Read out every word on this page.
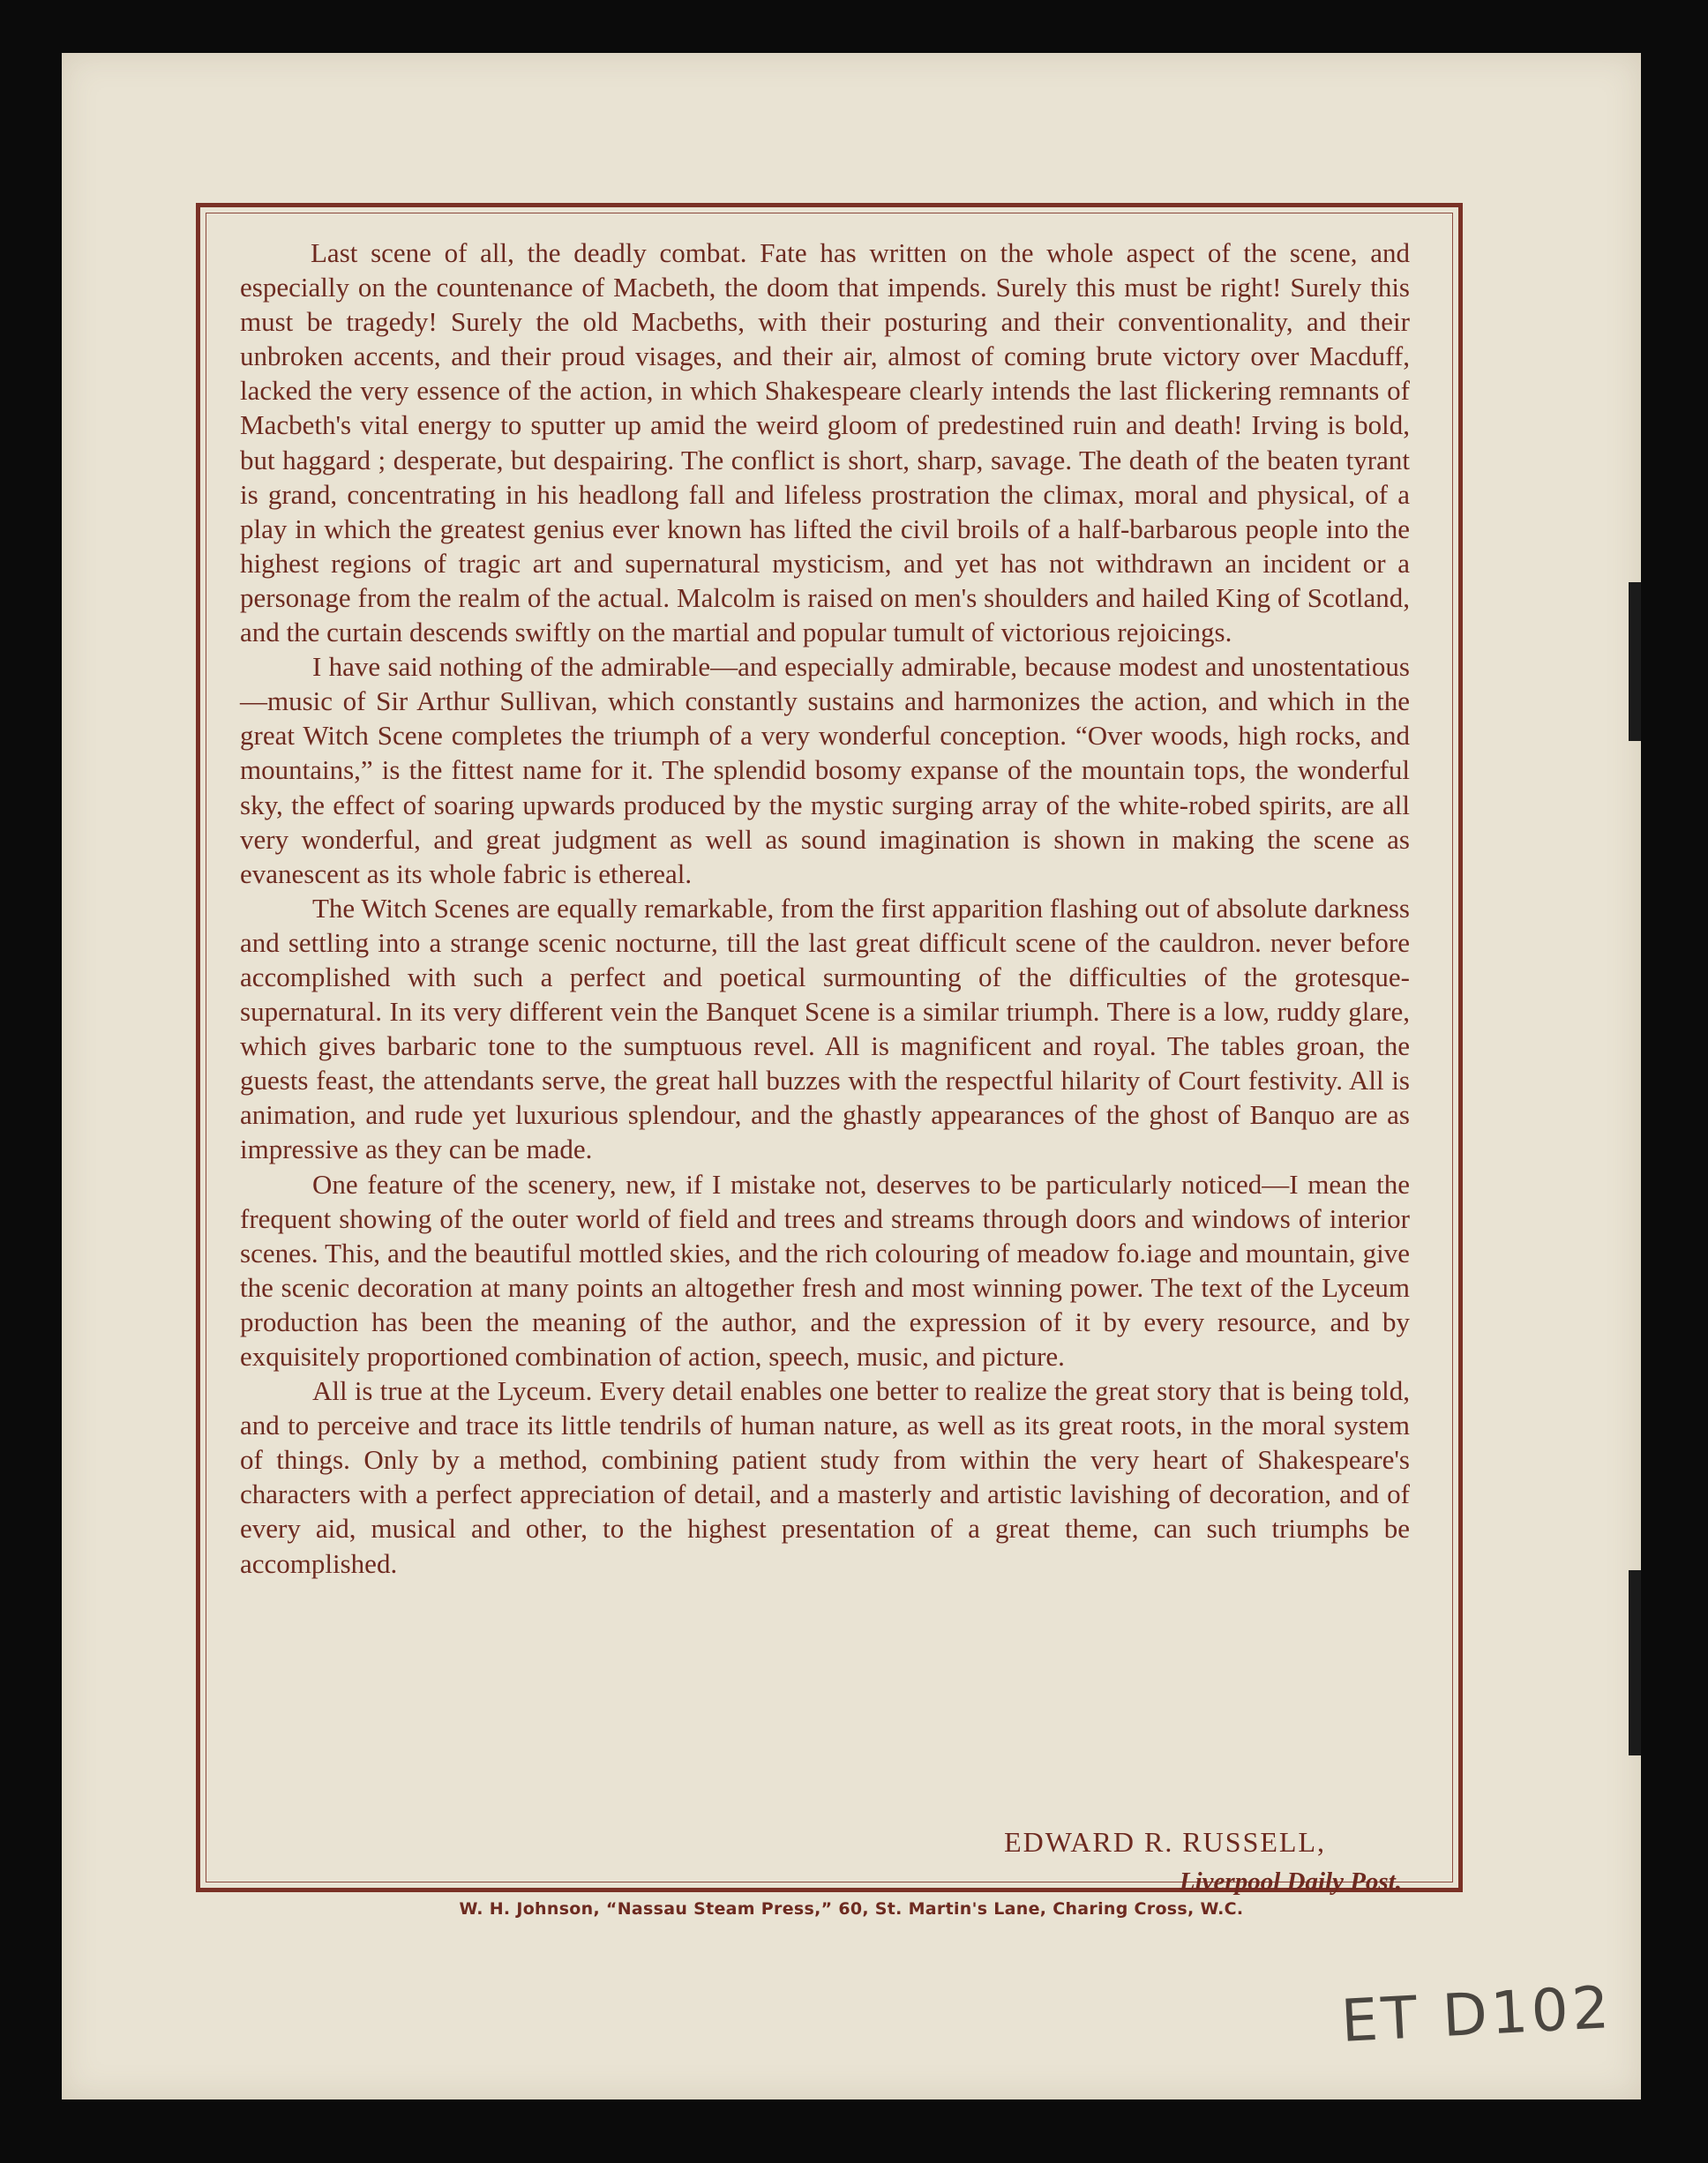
Last scene of all, the deadly combat. Fate has written on the whole aspect of the scene, and especially on the countenance of Macbeth, the doom that impends. Surely this must be right! Surely this must be tragedy! Surely the old Macbeths, with their posturing and their conventionality, and their unbroken accents, and their proud visages, and their air, almost of coming brute victory over Macduff, lacked the very essence of the action, in which Shakespeare clearly intends the last flickering remnants of Macbeth's vital energy to sputter up amid the weird gloom of predestined ruin and death! Irving is bold, but haggard ; desperate, but despairing. The conflict is short, sharp, savage. The death of the beaten tyrant is grand, concentrating in his headlong fall and lifeless prostration the climax, moral and physical, of a play in which the greatest genius ever known has lifted the civil broils of a half-barbarous people into the highest regions of tragic art and supernatural mysticism, and yet has not withdrawn an incident or a personage from the realm of the actual. Malcolm is raised on men's shoulders and hailed King of Scotland, and the curtain descends swiftly on the martial and popular tumult of victorious rejoicings.

I have said nothing of the admirable—and especially admirable, because modest and unostentatious—music of Sir Arthur Sullivan, which constantly sustains and harmonizes the action, and which in the great Witch Scene completes the triumph of a very wonderful conception. “Over woods, high rocks, and mountains,” is the fittest name for it. The splendid bosomy expanse of the mountain tops, the wonderful sky, the effect of soaring upwards produced by the mystic surging array of the white-robed spirits, are all very wonderful, and great judgment as well as sound imagination is shown in making the scene as evanescent as its whole fabric is ethereal.

The Witch Scenes are equally remarkable, from the first apparition flashing out of absolute darkness and settling into a strange scenic nocturne, till the last great difficult scene of the cauldron. never before accomplished with such a perfect and poetical surmounting of the difficulties of the grotesque-supernatural. In its very different vein the Banquet Scene is a similar triumph. There is a low, ruddy glare, which gives barbaric tone to the sumptuous revel. All is magnificent and royal. The tables groan, the guests feast, the attendants serve, the great hall buzzes with the respectful hilarity of Court festivity. All is animation, and rude yet luxurious splendour, and the ghastly appearances of the ghost of Banquo are as impressive as they can be made.

One feature of the scenery, new, if I mistake not, deserves to be particularly noticed—I mean the frequent showing of the outer world of field and trees and streams through doors and windows of interior scenes. This, and the beautiful mottled skies, and the rich colouring of meadow fo.iage and mountain, give the scenic decoration at many points an altogether fresh and most winning power. The text of the Lyceum production has been the meaning of the author, and the expression of it by every resource, and by exquisitely proportioned combination of action, speech, music, and picture.

All is true at the Lyceum. Every detail enables one better to realize the great story that is being told, and to perceive and trace its little tendrils of human nature, as well as its great roots, in the moral system of things. Only by a method, combining patient study from within the very heart of Shakespeare's characters with a perfect appreciation of detail, and a masterly and artistic lavishing of decoration, and of every aid, musical and other, to the highest presentation of a great theme, can such triumphs be accomplished.

EDWARD R. RUSSELL,
Liverpool Daily Post.
W. H. Johnson, “Nassau Steam Press,” 60, St. Martin's Lane, Charing Cross, W.C.
ET D102
